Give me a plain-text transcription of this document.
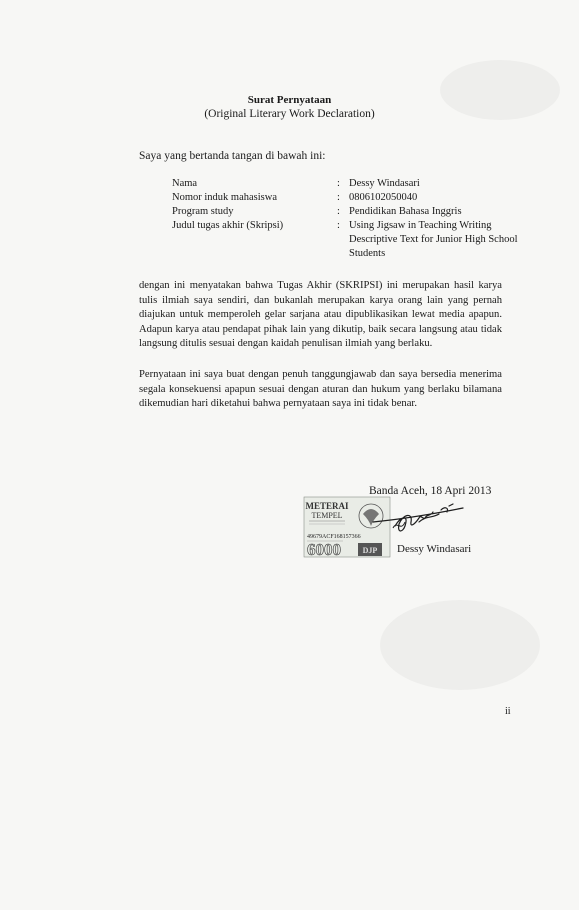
Surat Pernyataan
(Original Literary Work Declaration)
Saya yang bertanda tangan di bawah ini:
Nama	: Dessy Windasari
Nomor induk mahasiswa	: 0806102050040
Program study	: Pendidikan Bahasa Inggris
Judul tugas akhir (Skripsi)	: Using Jigsaw in Teaching Writing Descriptive Text for Junior High School Students
dengan ini menyatakan bahwa Tugas Akhir (SKRIPSI) ini merupakan hasil karya tulis ilmiah saya sendiri, dan bukanlah merupakan karya orang lain yang pernah diajukan untuk memperoleh gelar sarjana atau dipublikasikan lewat media apapun. Adapun karya atau pendapat pihak lain yang dikutip, baik secara langsung atau tidak langsung ditulis sesuai dengan kaidah penulisan ilmiah yang berlaku.
Pernyataan ini saya buat dengan penuh tanggungjawab dan saya bersedia menerima segala konsekuensi apapun sesuai dengan aturan dan hukum yang berlaku bilamana dikemudian hari diketahui bahwa pernyataan saya ini tidak benar.
Banda Aceh, 18 Apri 2013
METERAI
TEMPEL
49679ACF168157366
6000	DJP Dessy Windasari
ii
